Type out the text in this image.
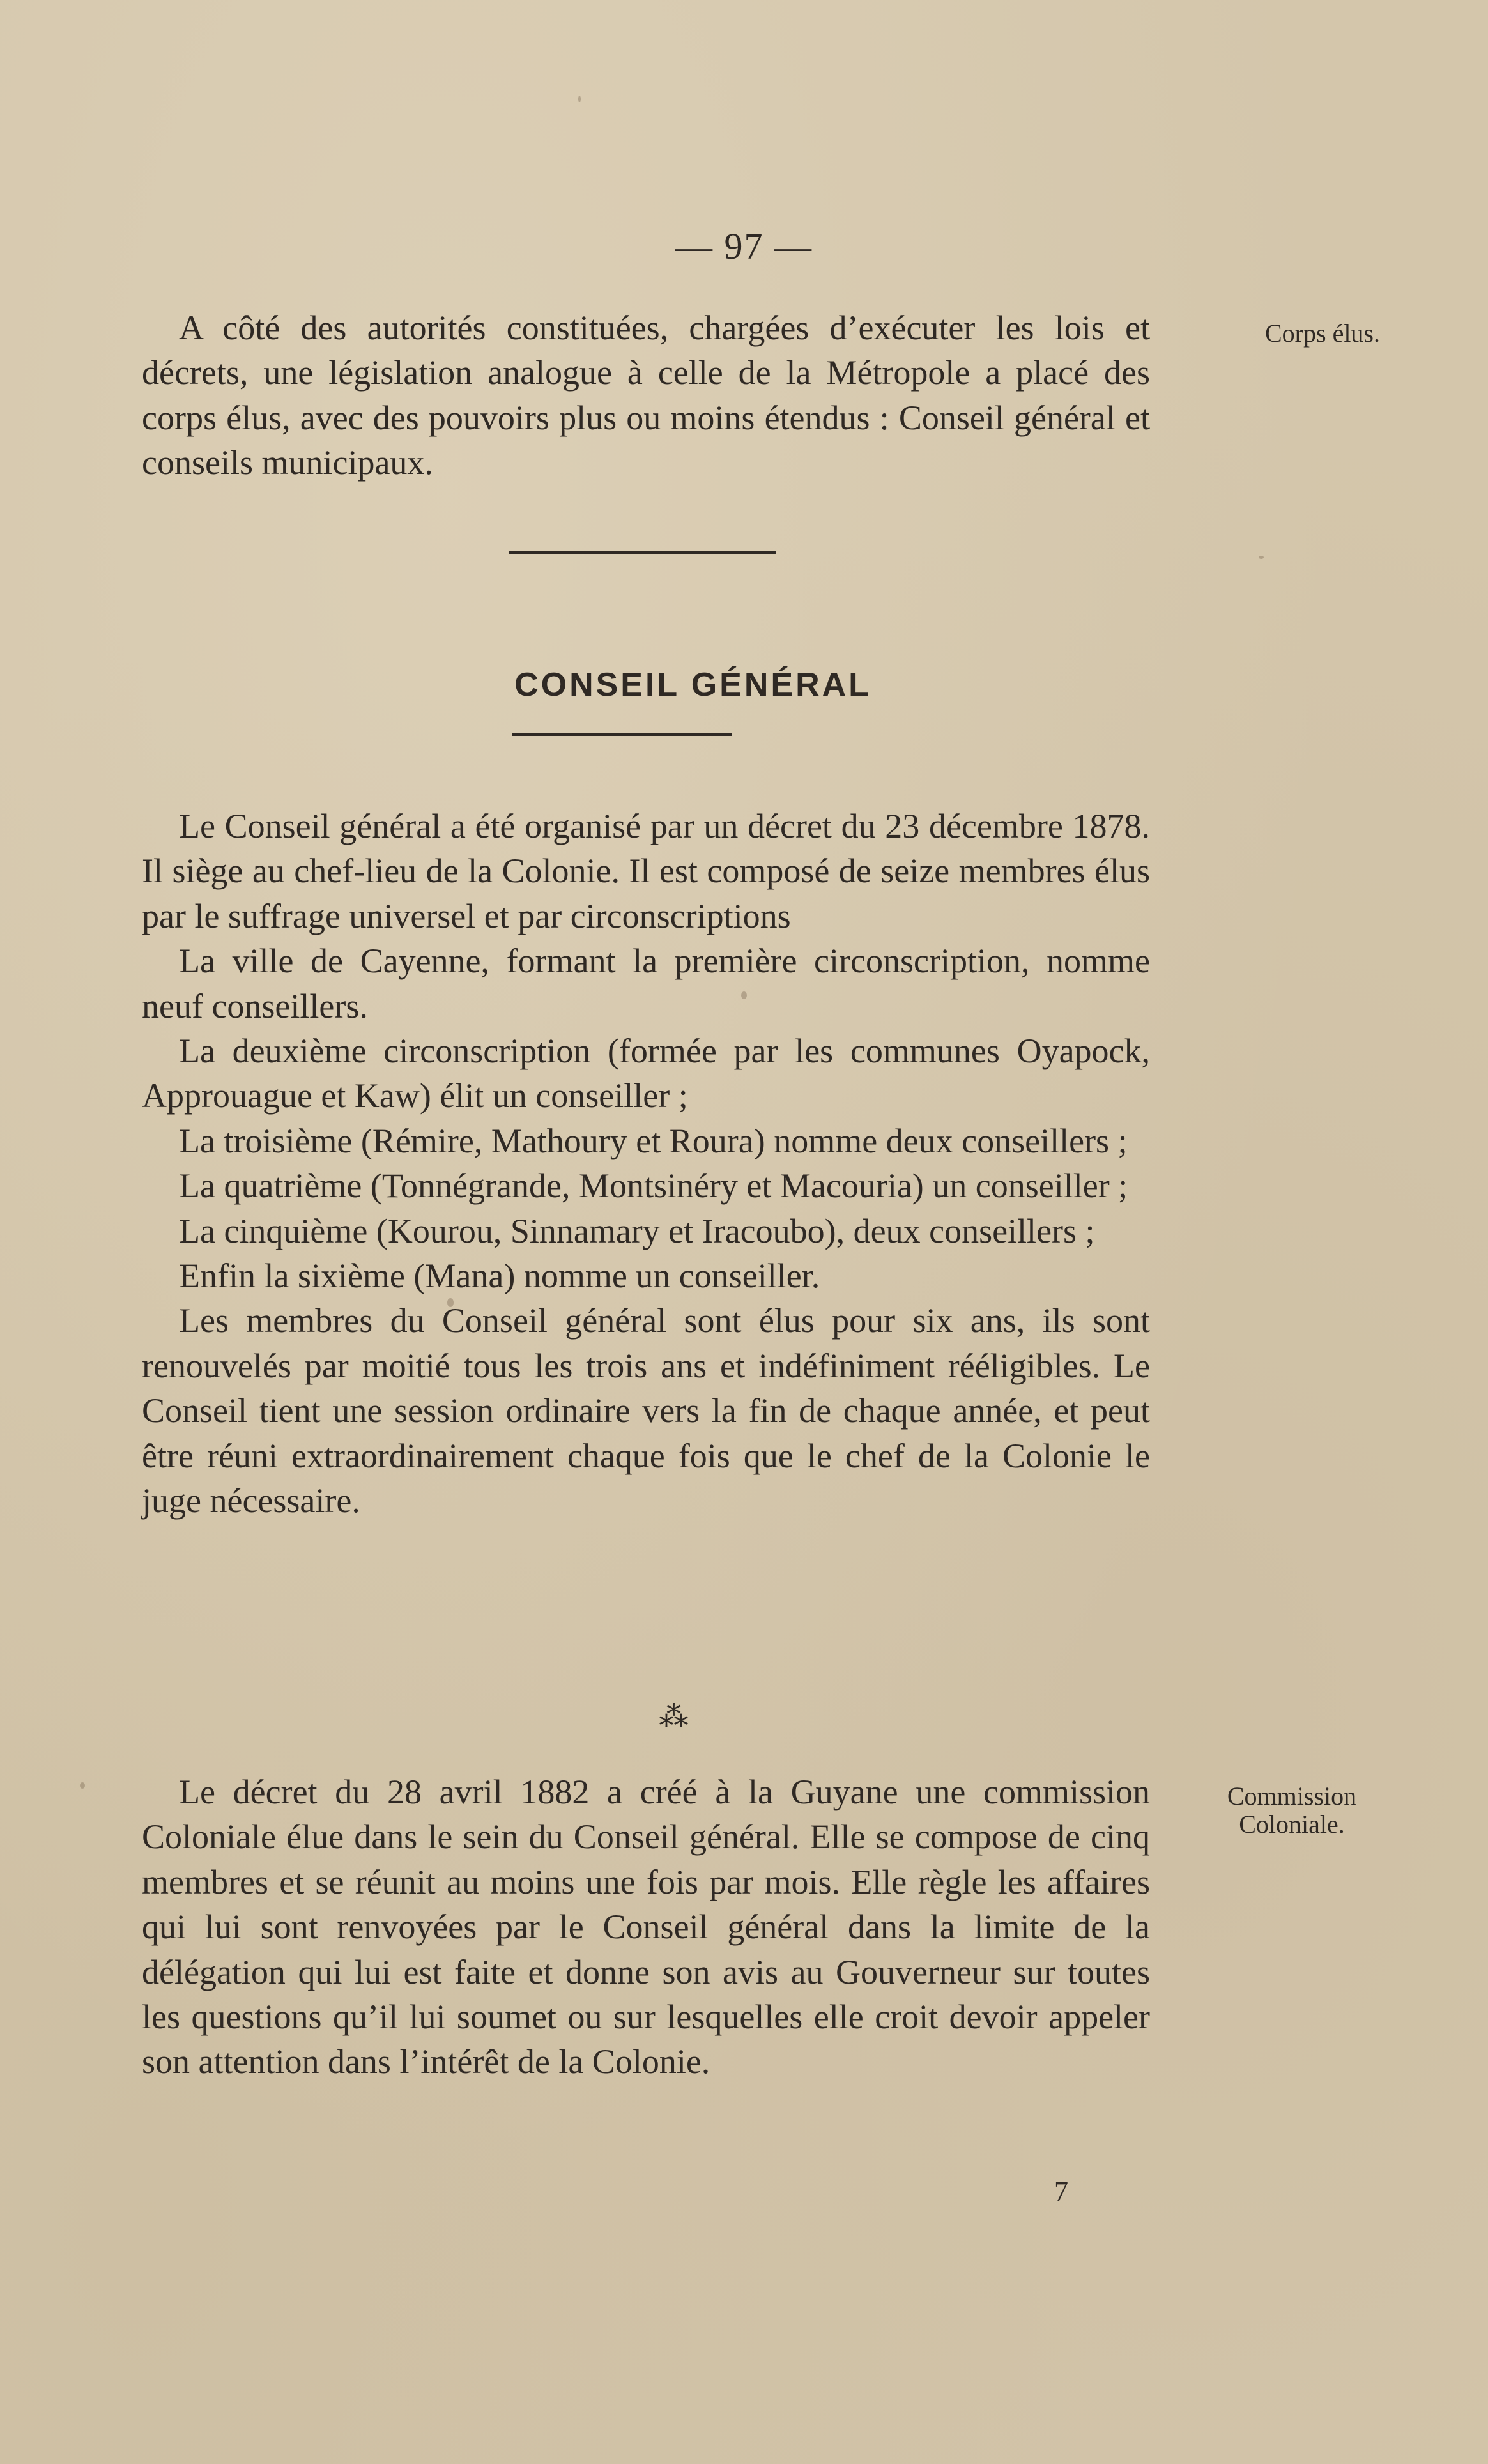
— 97 —

A côté des autorités constituées, chargées d’exécuter les lois et décrets, une législation analogue à celle de la Métropole a placé des corps élus, avec des pouvoirs plus ou moins étendus : Conseil général et conseils municipaux.

Corps élus.
CONSEIL GÉNÉRAL

Le Conseil général a été organisé par un décret du 23 décembre 1878. Il siège au chef-lieu de la Colonie. Il est composé de seize membres élus par le suffrage universel et par circonscriptions

La ville de Cayenne, formant la première circonscription, nomme neuf conseillers.

La deuxième circonscription (formée par les communes Oyapock, Approuague et Kaw) élit un conseiller ;

La troisième (Rémire, Mathoury et Roura) nomme deux conseillers ;

La quatrième (Tonnégrande, Montsinéry et Macouria) un conseiller ;

La cinquième (Kourou, Sinnamary et Iracoubo), deux conseillers ;

Enfin la sixième (Mana) nomme un conseiller.

Les membres du Conseil général sont élus pour six ans, ils sont renouvelés par moitié tous les trois ans et indéfiniment rééligibles. Le Conseil tient une session ordinaire vers la fin de chaque année, et peut être réuni extraordinairement chaque fois que le chef de la Colonie le juge nécessaire.

⁂

Le décret du 28 avril 1882 a créé à la Guyane une commission Coloniale élue dans le sein du Conseil général. Elle se compose de cinq membres et se réunit au moins une fois par mois. Elle règle les affaires qui lui sont renvoyées par le Conseil général dans la limite de la délégation qui lui est faite et donne son avis au Gouverneur sur toutes les questions qu’il lui soumet ou sur lesquelles elle croit devoir appeler son attention dans l’intérêt de la Colonie.

Commission Coloniale.
7
